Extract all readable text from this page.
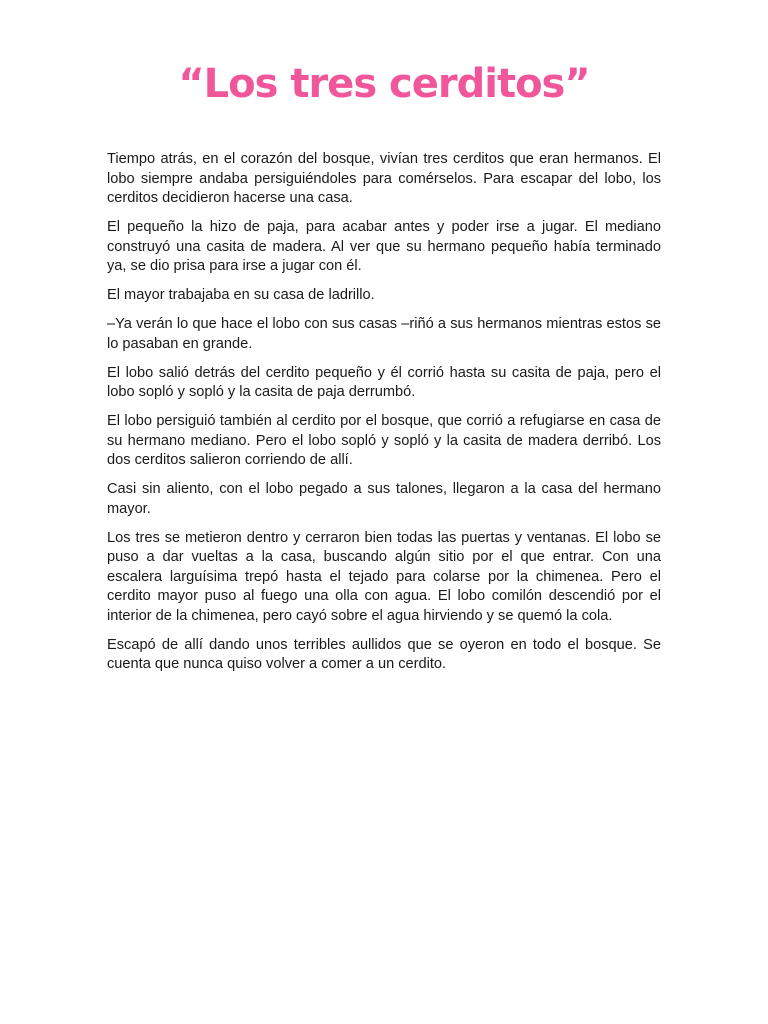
“Los tres cerditos”

Tiempo atrás, en el corazón del bosque, vivían tres cerditos que eran hermanos. El lobo siempre andaba persiguiéndoles para comérselos. Para escapar del lobo, los cerditos decidieron hacerse una casa.

El pequeño la hizo de paja, para acabar antes y poder irse a jugar. El mediano construyó una casita de madera. Al ver que su hermano pequeño había terminado ya, se dio prisa para irse a jugar con él.

El mayor trabajaba en su casa de ladrillo.

–Ya verán lo que hace el lobo con sus casas –riñó a sus hermanos mientras estos se lo pasaban en grande.

El lobo salió detrás del cerdito pequeño y él corrió hasta su casita de paja, pero el lobo sopló y sopló y la casita de paja derrumbó.

El lobo persiguió también al cerdito por el bosque, que corrió a refugiarse en casa de su hermano mediano. Pero el lobo sopló y sopló y la casita de madera derribó. Los dos cerditos salieron corriendo de allí.

Casi sin aliento, con el lobo pegado a sus talones, llegaron a la casa del hermano mayor.

Los tres se metieron dentro y cerraron bien todas las puertas y ventanas. El lobo se puso a dar vueltas a la casa, buscando algún sitio por el que entrar. Con una escalera larguísima trepó hasta el tejado para colarse por la chimenea. Pero el cerdito mayor puso al fuego una olla con agua. El lobo comilón descendió por el interior de la chimenea, pero cayó sobre el agua hirviendo y se quemó la cola.

Escapó de allí dando unos terribles aullidos que se oyeron en todo el bosque. Se cuenta que nunca quiso volver a comer a un cerdito.
